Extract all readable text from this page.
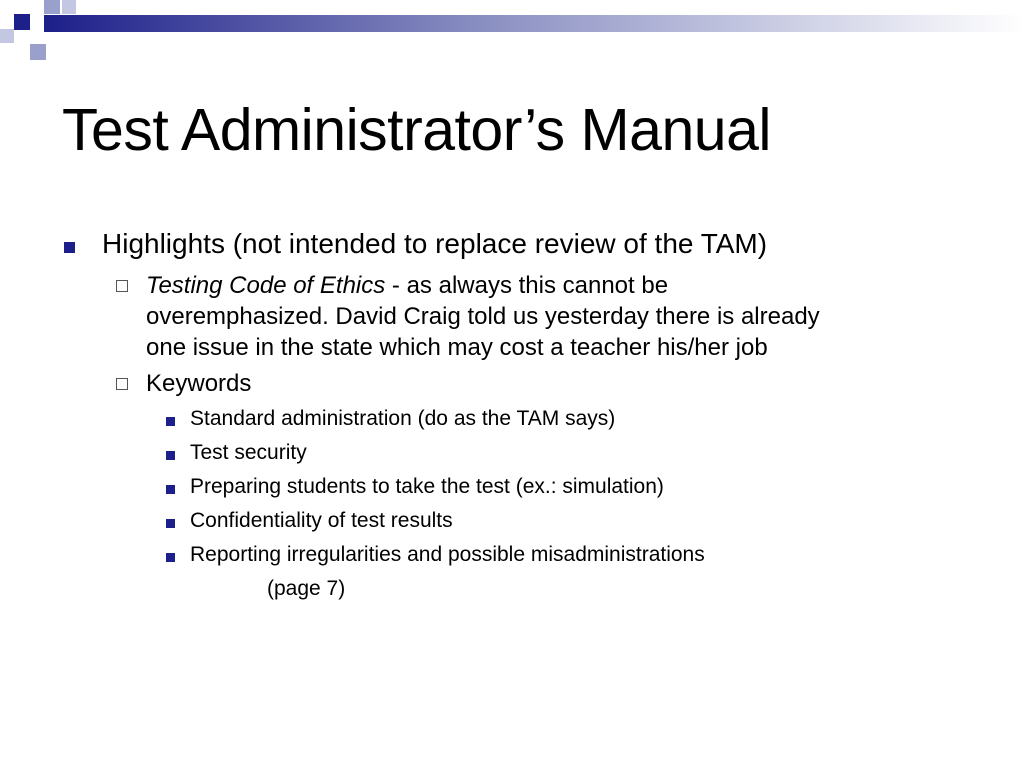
Test Administrator’s Manual
Highlights (not intended to replace review of the TAM)
Testing Code of Ethics - as always this cannot be
overemphasized. David Craig told us yesterday there is already
one issue in the state which may cost a teacher his/her job
Keywords
Standard administration (do as the TAM says)
Test security
Preparing students to take the test (ex.: simulation)
Confidentiality of test results
Reporting irregularities and possible misadministrations
(page 7)
